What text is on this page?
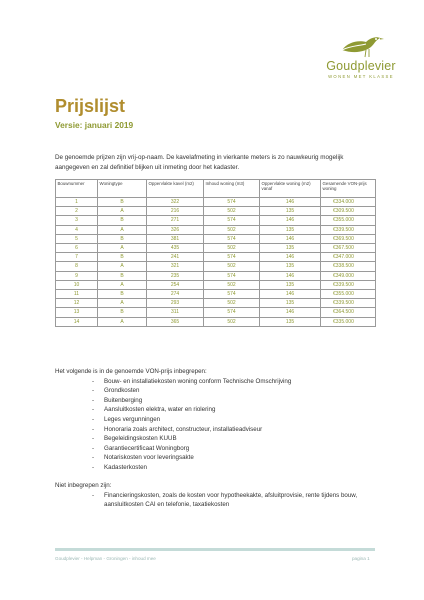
Goudplevier
WONEN MET KLASSE
Prijslijst
Versie: januari 2019

De genoemde prijzen zijn vrij-op-naam. De kavelafmeting in vierkante meters is zo nauwkeurig mogelijk aangegeven en zal definitief blijken uit inmeting door het kadaster.

Bouwnummer	Woningtype	Oppervlakte kavel (m2)	Inhoud woning (m3)	Oppervlakte woning (m2) vanaf	Gesamende VON-prijs woning
1	B	322	574	146	€334.000
2	A	216	502	135	€309.500
3	B	271	574	146	€355.000
4	A	326	502	135	€339.500
5	B	381	574	146	€369.500
6	A	435	502	135	€367.500
7	B	241	574	146	€347.000
8	A	321	502	135	€338.500
9	B	235	574	146	€349.000
10	A	254	502	135	€339.500
11	B	274	574	146	€355.000
12	A	293	502	135	€339.500
13	B	311	574	146	€364.500
14	A	365	502	135	€335.000

Het volgende is in de genoemde VON-prijs inbegrepen:

- Bouw- en installatiekosten woning conform Technische Omschrijving
- Grondkosten
- Buitenberging
- Aansluitkosten elektra, water en riolering
- Leges vergunningen
- Honoraria zoals architect, constructeur, installatieadviseur
- Begeleidingskosten KUUB
- Garantiecertificaat Woningborg
- Notariskosten voor leveringsakte
- Kadasterkosten

Niet inbegrepen zijn:

- Financieringskosten, zoals de kosten voor hypotheekakte, afsluitprovisie, rente tijdens bouw, aansluitkosten CAI en telefonie, taxatiekosten
Goudplevier - Helpman - Groningen - inhoud mee	pagina 1
